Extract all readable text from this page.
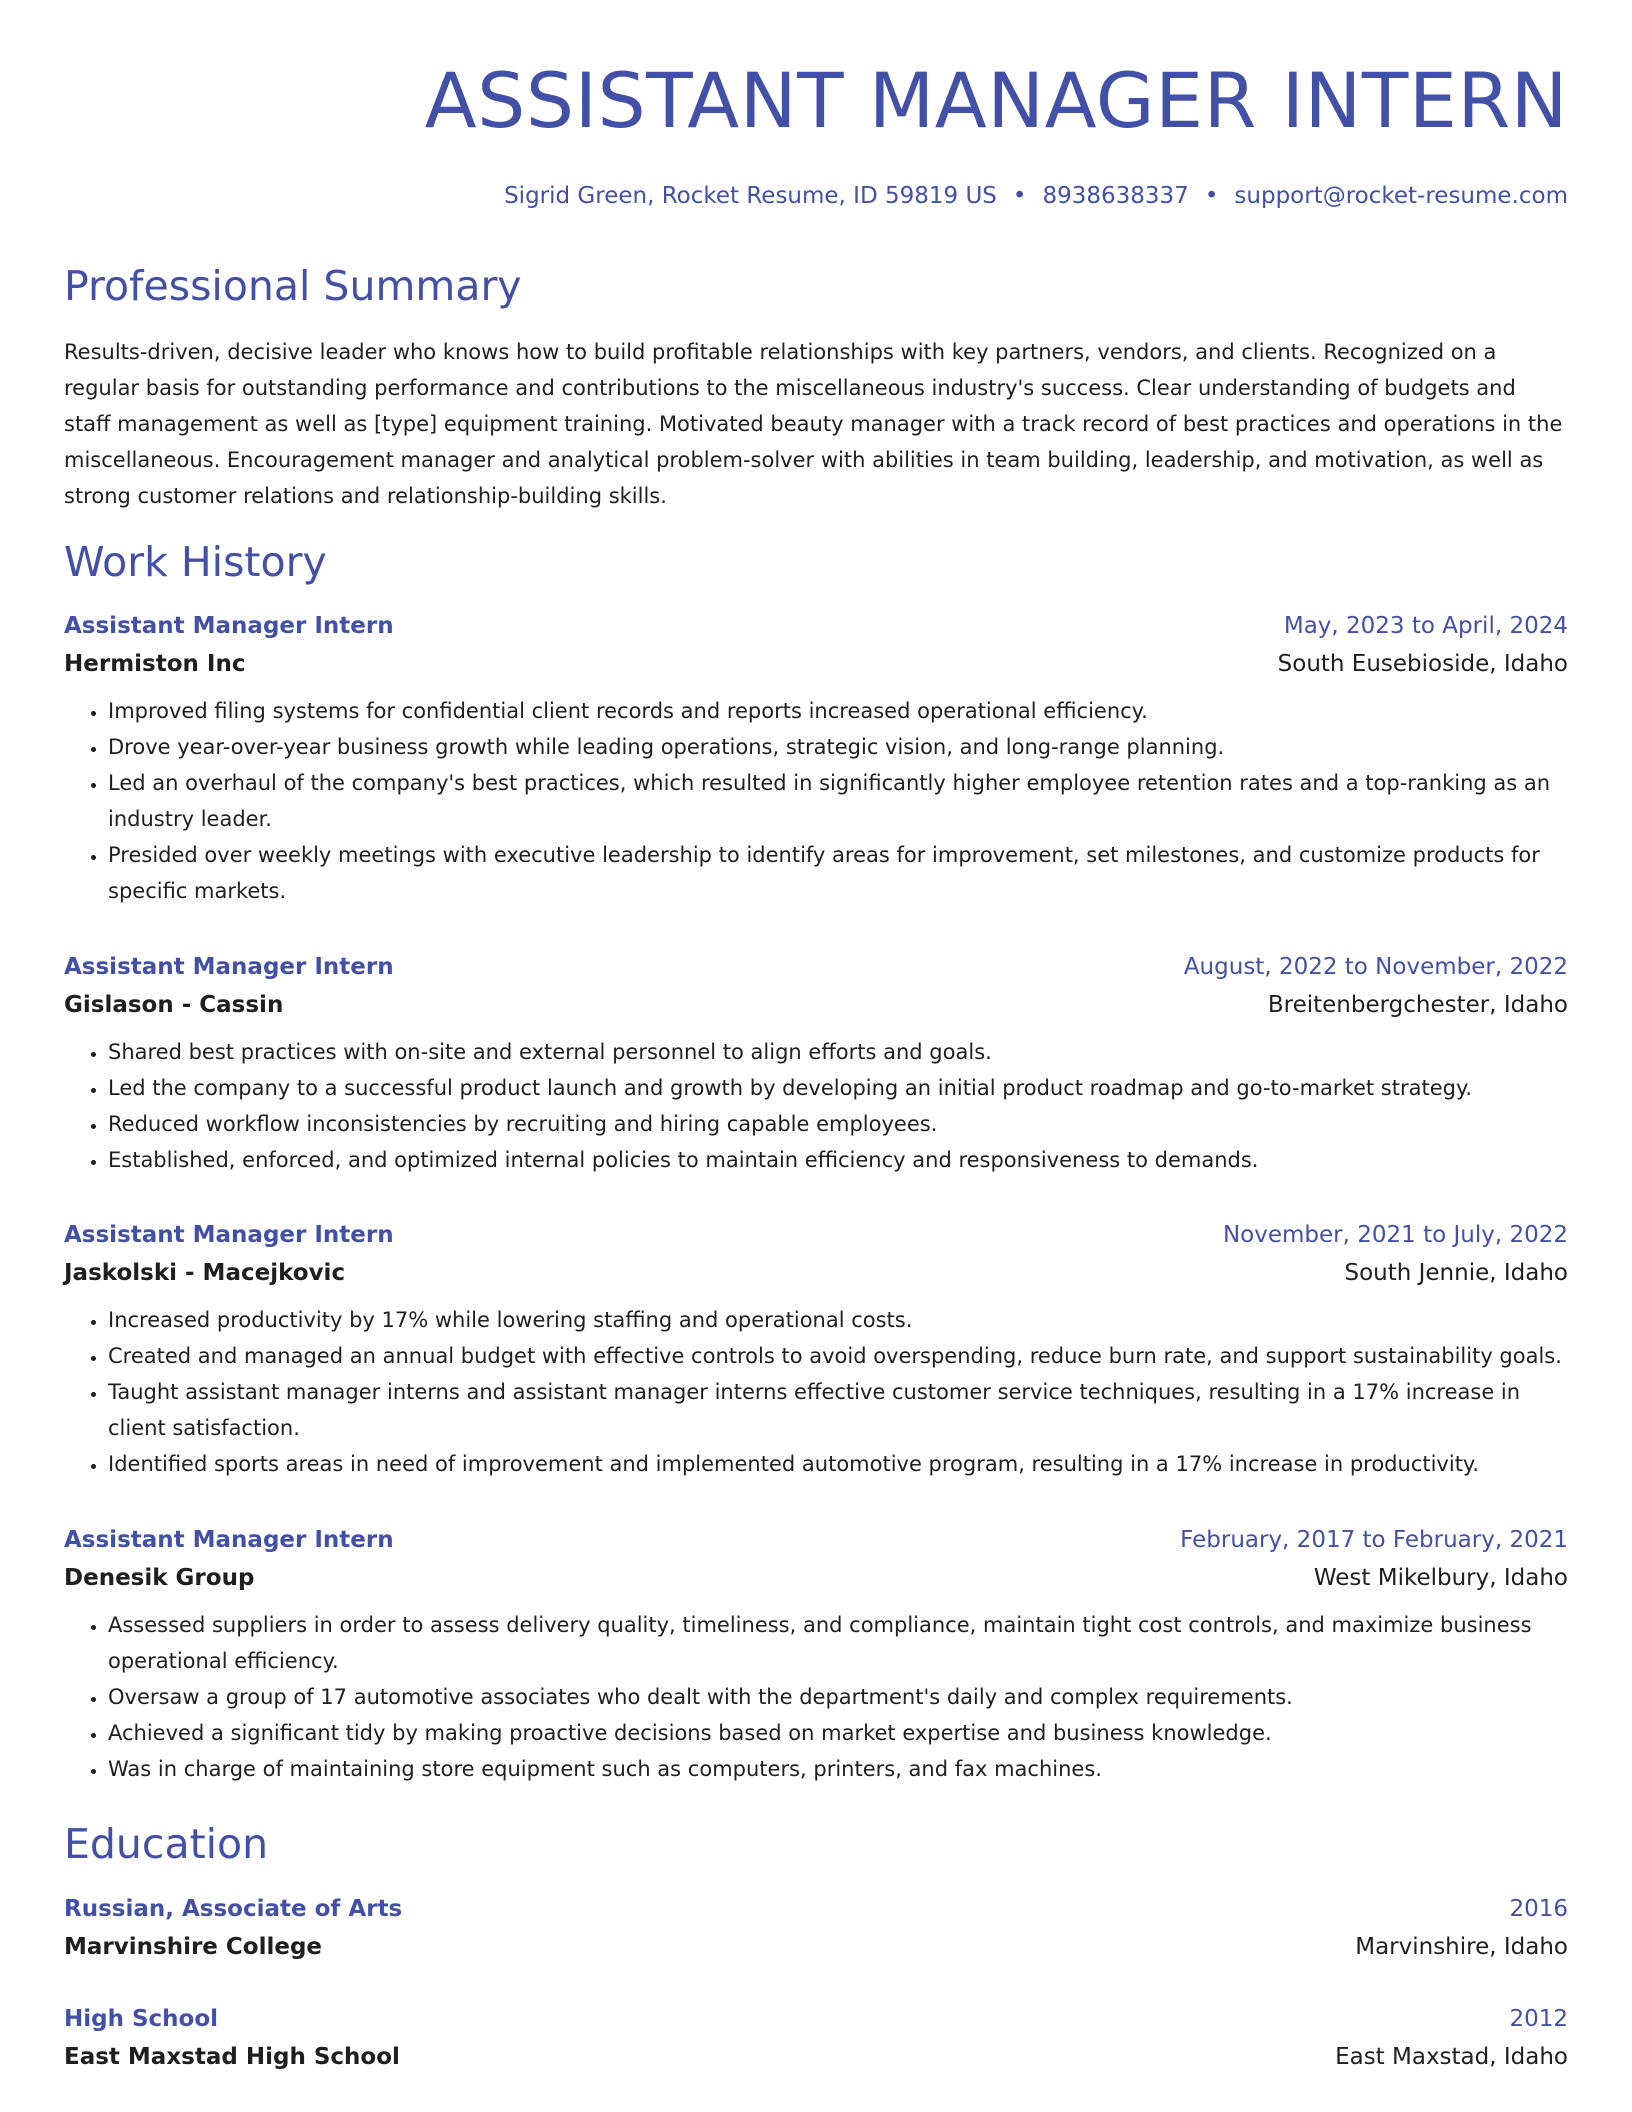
ASSISTANT MANAGER INTERN
Sigrid Green, Rocket Resume, ID 59819 US • 8938638337 • support@rocket-resume.com
Professional Summary
Results-driven, decisive leader who knows how to build profitable relationships with key partners, vendors, and clients. Recognized on a regular basis for outstanding performance and contributions to the miscellaneous industry's success. Clear understanding of budgets and staff management as well as [type] equipment training. Motivated beauty manager with a track record of best practices and operations in the miscellaneous. Encouragement manager and analytical problem-solver with abilities in team building, leadership, and motivation, as well as strong customer relations and relationship-building skills.
Work History
Assistant Manager Intern	May, 2023 to April, 2024
Hermiston Inc	South Eusebioside, Idaho
• Improved filing systems for confidential client records and reports increased operational efficiency.
• Drove year-over-year business growth while leading operations, strategic vision, and long-range planning.
• Led an overhaul of the company's best practices, which resulted in significantly higher employee retention rates and a top-ranking as an industry leader.
• Presided over weekly meetings with executive leadership to identify areas for improvement, set milestones, and customize products for specific markets.
Assistant Manager Intern	August, 2022 to November, 2022
Gislason - Cassin	Breitenbergchester, Idaho
• Shared best practices with on-site and external personnel to align efforts and goals.
• Led the company to a successful product launch and growth by developing an initial product roadmap and go-to-market strategy.
• Reduced workflow inconsistencies by recruiting and hiring capable employees.
• Established, enforced, and optimized internal policies to maintain efficiency and responsiveness to demands.
Assistant Manager Intern	November, 2021 to July, 2022
Jaskolski - Macejkovic	South Jennie, Idaho
• Increased productivity by 17% while lowering staffing and operational costs.
• Created and managed an annual budget with effective controls to avoid overspending, reduce burn rate, and support sustainability goals.
• Taught assistant manager interns and assistant manager interns effective customer service techniques, resulting in a 17% increase in client satisfaction.
• Identified sports areas in need of improvement and implemented automotive program, resulting in a 17% increase in productivity.
Assistant Manager Intern	February, 2017 to February, 2021
Denesik Group	West Mikelbury, Idaho
• Assessed suppliers in order to assess delivery quality, timeliness, and compliance, maintain tight cost controls, and maximize business operational efficiency.
• Oversaw a group of 17 automotive associates who dealt with the department's daily and complex requirements.
• Achieved a significant tidy by making proactive decisions based on market expertise and business knowledge.
• Was in charge of maintaining store equipment such as computers, printers, and fax machines.
Education
Russian, Associate of Arts	2016
Marvinshire College	Marvinshire, Idaho
High School	2012
East Maxstad High School	East Maxstad, Idaho
